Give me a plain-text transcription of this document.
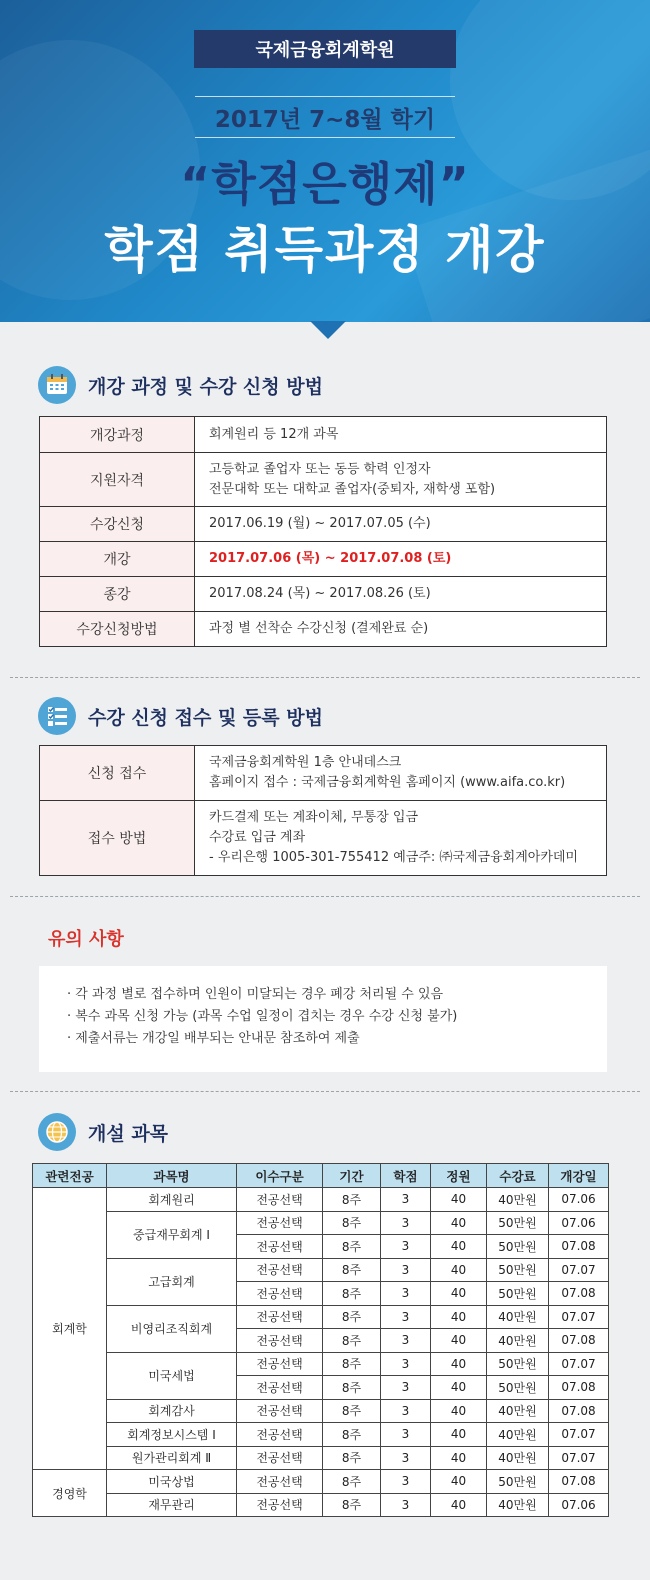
국제금융회계학원
2017년 7~8월 학기
“학점은행제”
학점 취득과정 개강
개강 과정 및 수강 신청 방법
개강과정	회계원리 등 12개 과목

지원자격	고등학교 졸업자 또는 동등 학력 인정자
전문대학 또는 대학교 졸업자(중퇴자, 재학생 포함)

수강신청	2017.06.19 (월) ~ 2017.07.05 (수)

개강	2017.07.06 (목) ~ 2017.07.08 (토)

종강	2017.08.24 (목) ~ 2017.08.26 (토)

수강신청방법	과정 별 선착순 수강신청 (결제완료 순)
수강 신청 접수 및 등록 방법
신청 접수	국제금융회계학원 1층 안내데스크
홈페이지 접수 : 국제금융회계학원 홈페이지 (www.aifa.co.kr)

접수 방법	카드결제 또는 계좌이체, 무통장 입금
수강료 입금 계좌
- 우리은행 1005-301-755412 예금주: ㈜국제금융회계아카데미
유의 사항
· 각 과정 별로 접수하며 인원이 미달되는 경우 폐강 처리될 수 있음
· 복수 과목 신청 가능 (과목 수업 일정이 겹치는 경우 수강 신청 불가)
· 제출서류는 개강일 배부되는 안내문 참조하여 제출
개설 과목
관련전공	과목명	이수구분	기간	학점	정원	수강료	개강일
회계학	회계원리	전공선택	8주	3	40	40만원	07.06
	중급재무회계 Ⅰ	전공선택	8주	3	40	50만원	07.06
		전공선택	8주	3	40	50만원	07.08
	고급회계	전공선택	8주	3	40	50만원	07.07
		전공선택	8주	3	40	50만원	07.08
	비영리조직회계	전공선택	8주	3	40	40만원	07.07
		전공선택	8주	3	40	40만원	07.08
	미국세법	전공선택	8주	3	40	50만원	07.07
		전공선택	8주	3	40	50만원	07.08
	회계감사	전공선택	8주	3	40	40만원	07.08
	회계정보시스템 Ⅰ	전공선택	8주	3	40	40만원	07.07
	원가관리회계 Ⅱ	전공선택	8주	3	40	40만원	07.07
경영학	미국상법	전공선택	8주	3	40	50만원	07.08
	재무관리	전공선택	8주	3	40	40만원	07.06
